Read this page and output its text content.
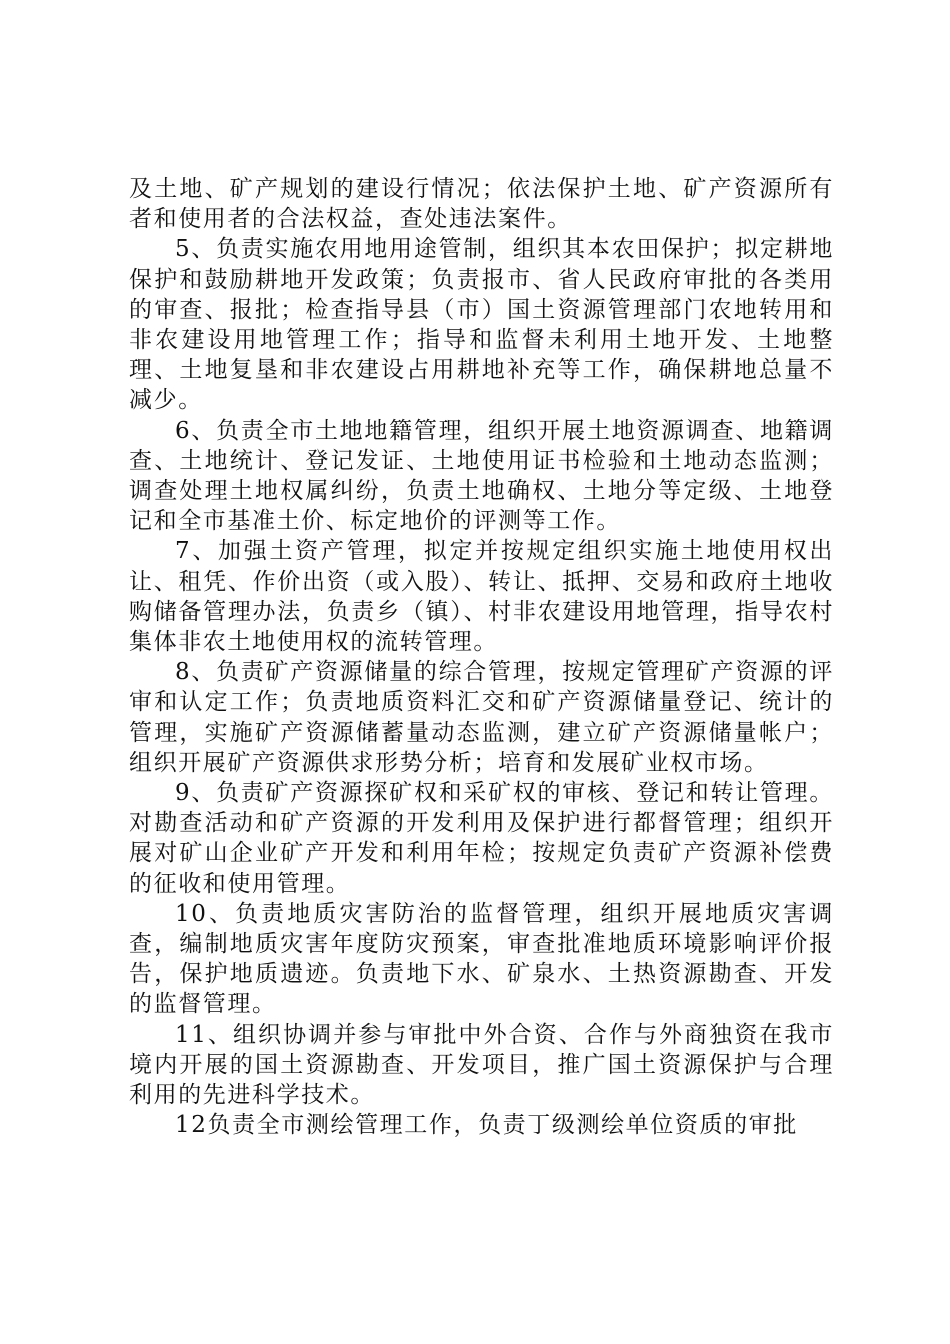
及土地、矿产规划的建设行情况；依法保护土地、矿产资源所有者和使用者的合法权益，查处违法案件。

5、负责实施农用地用途管制，组织其本农田保护；拟定耕地保护和鼓励耕地开发政策；负责报市、省人民政府审批的各类用的审查、报批；检查指导县（市）国土资源管理部门农地转用和非农建设用地管理工作；指导和监督未利用土地开发、土地整理、土地复垦和非农建设占用耕地补充等工作，确保耕地总量不减少。

6、负责全市土地地籍管理，组织开展土地资源调查、地籍调查、土地统计、登记发证、土地使用证书检验和土地动态监测；调查处理土地权属纠纷，负责土地确权、土地分等定级、土地登记和全市基准土价、标定地价的评测等工作。

7、加强土资产管理，拟定并按规定组织实施土地使用权出让、租凭、作价出资（或入股）、转让、抵押、交易和政府土地收购储备管理办法，负责乡（镇）、村非农建设用地管理，指导农村集体非农土地使用权的流转管理。

8、负责矿产资源储量的综合管理，按规定管理矿产资源的评审和认定工作；负责地质资料汇交和矿产资源储量登记、统计的管理，实施矿产资源储蓄量动态监测，建立矿产资源储量帐户；组织开展矿产资源供求形势分析；培育和发展矿业权市场。

9、负责矿产资源探矿权和采矿权的审核、登记和转让管理。对勘查活动和矿产资源的开发利用及保护进行都督管理；组织开展对矿山企业矿产开发和利用年检；按规定负责矿产资源补偿费的征收和使用管理。

10、负责地质灾害防治的监督管理，组织开展地质灾害调查，编制地质灾害年度防灾预案，审查批准地质环境影响评价报告，保护地质遗迹。负责地下水、矿泉水、土热资源勘查、开发的监督管理。

11、组织协调并参与审批中外合资、合作与外商独资在我市境内开展的国土资源勘查、开发项目，推广国土资源保护与合理利用的先进科学技术。

12负责全市测绘管理工作，负责丁级测绘单位资质的审批
